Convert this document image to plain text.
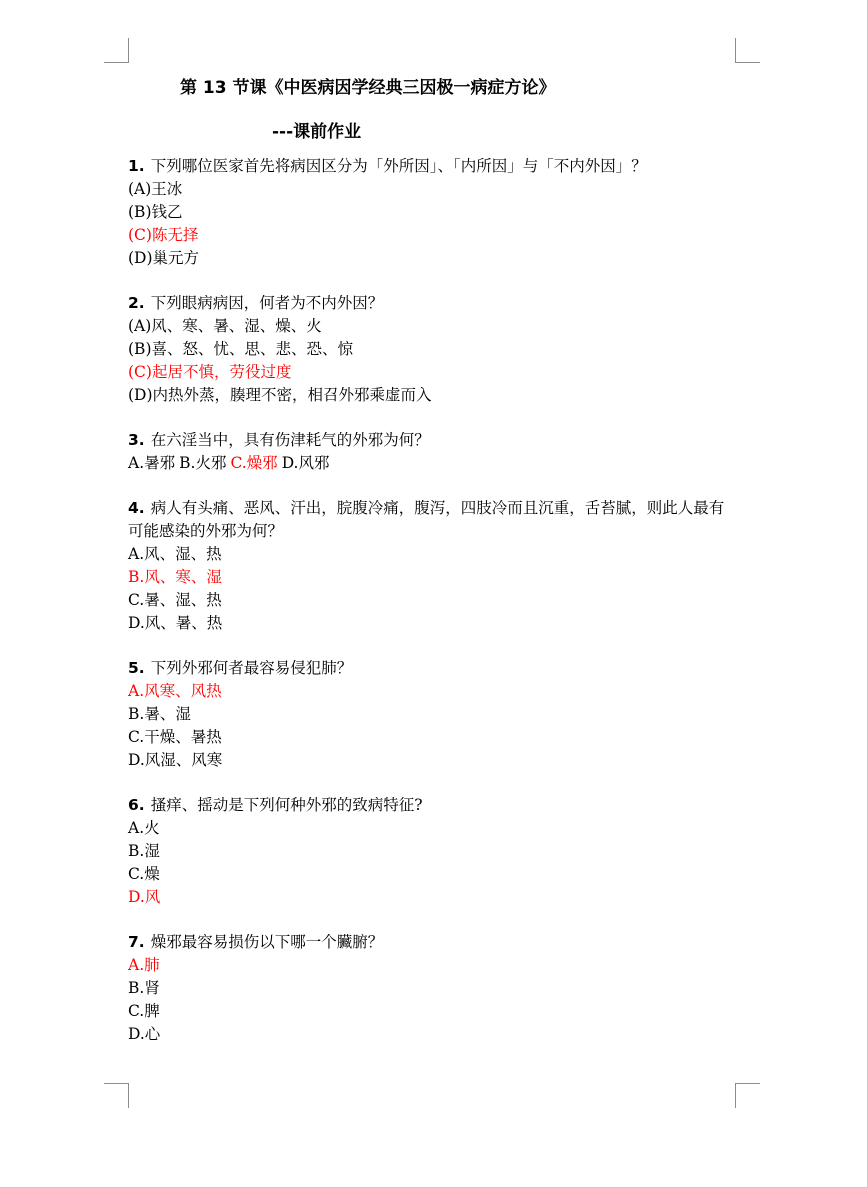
第 13 节课《中医病因学经典三因极一病症方论》
---课前作业
1. 下列哪位医家首先将病因区分为「外所因」、「内所因」与「不内外因」？
(A)王冰
(B)钱乙
(C)陈无择
(D)巢元方
2. 下列眼病病因，何者为不内外因？
(A)风、寒、暑、湿、燥、火
(B)喜、怒、忧、思、悲、恐、惊
(C)起居不慎，劳役过度
(D)内热外蒸，腠理不密，相召外邪乘虚而入
3. 在六淫当中，具有伤津耗气的外邪为何？
A.暑邪 B.火邪 C.燥邪 D.风邪
4. 病人有头痛、恶风、汗出，脘腹冷痛，腹泻，四肢冷而且沉重，舌苔腻，则此人最有可能感染的外邪为何？
A.风、湿、热
B.风、寒、湿
C.暑、湿、热
D.风、暑、热
5. 下列外邪何者最容易侵犯肺？
A.风寒、风热
B.暑、湿
C.干燥、暑热
D.风湿、风寒
6. 搔痒、摇动是下列何种外邪的致病特征?
A.火
B.湿
C.燥
D.风
7. 燥邪最容易损伤以下哪一个臟腑？
A.肺
B.肾
C.脾
D.心
